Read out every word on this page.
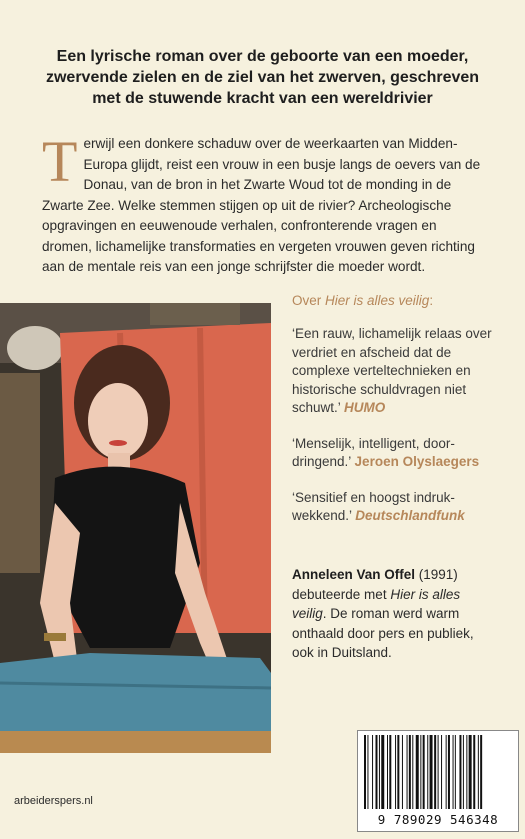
Een lyrische roman over de geboorte van een moeder, zwervende zielen en de ziel van het zwerven, geschreven met de stuwende kracht van een wereldrivier
Terwijl een donkere schaduw over de weerkaarten van Midden-Europa glijdt, reist een vrouw in een busje langs de oevers van de Donau, van de bron in het Zwarte Woud tot de monding in de Zwarte Zee. Welke stemmen stijgen op uit de rivier? Archeologische opgravingen en eeuwenoude verhalen, confronterende vragen en dromen, lichamelijke transformaties en vergeten vrouwen geven richting aan de mentale reis van een jonge schrijfster die moeder wordt.

Over Hier is alles veilig:

‘Een rauw, lichamelijk relaas over verdriet en afscheid dat de complexe verteltechnieken en historische schuldvragen niet schuwt.’ HUMO
‘Menselijk, intelligent, doordringend.’ Jeroen Olyslaegers
‘Sensitief en hoogst indrukwekkend.’ Deutschlandfunk
Anneleen Van Offel (1991) debuteerde met Hier is alles veilig. De roman werd warm onthaald door pers en publiek, ook in Duitsland.
arbeiderspers.nl
9 789029 546348
